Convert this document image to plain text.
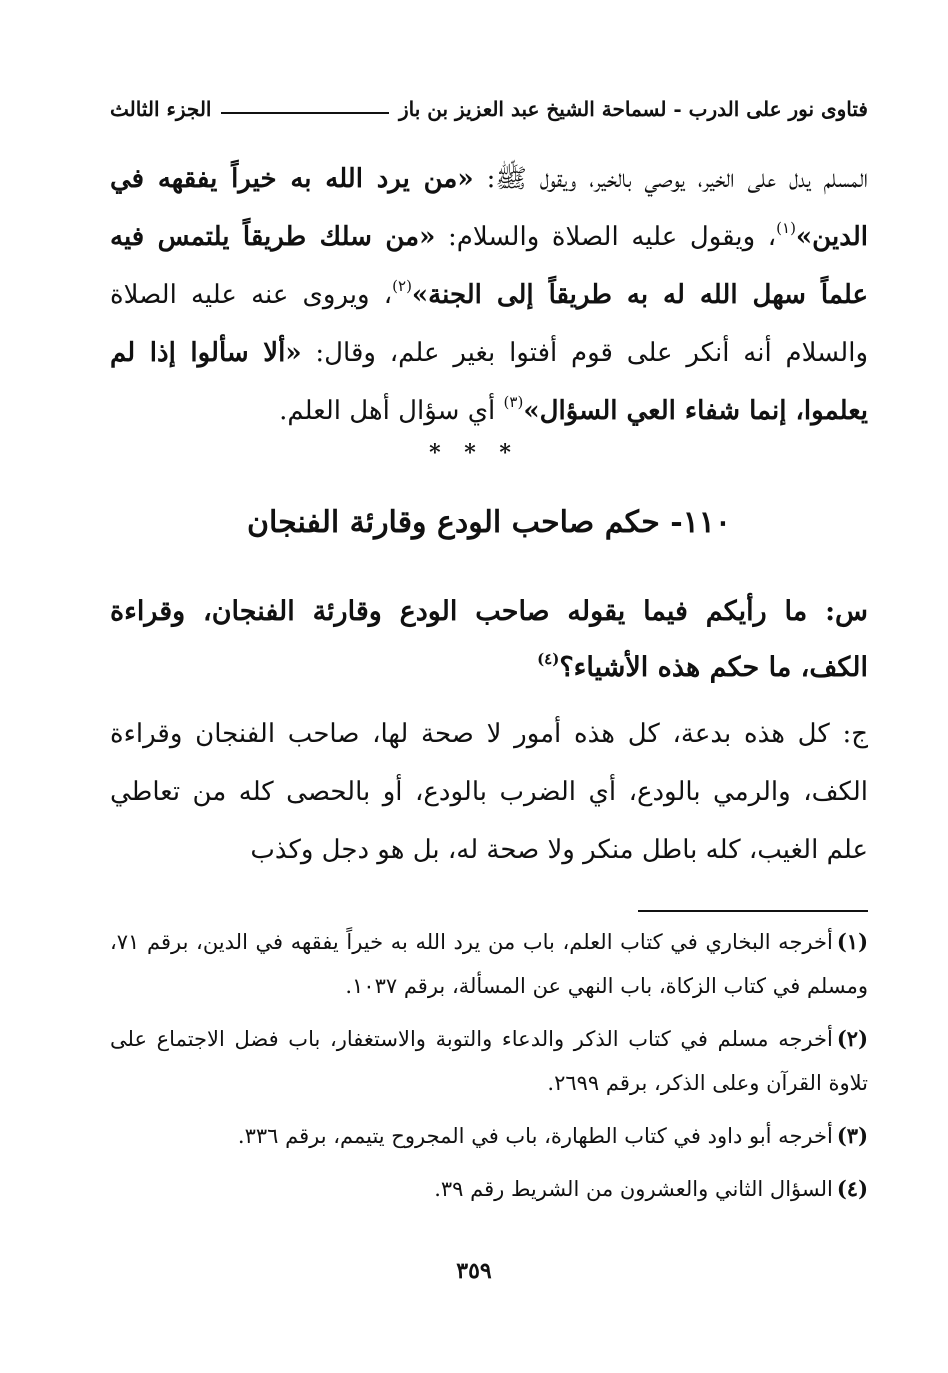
فتاوى نور على الدرب - لسماحة الشيخ عبد العزيز بن باز
الجزء الثالث

المسلم يدل على الخير، يوصي بالخير، ويقول ﷺ: «من يرد الله به خيراً يفقهه في الدين»$^{(١)}$، ويقول عليه الصلاة والسلام: «من سلك طريقاً يلتمس فيه علماً سهل الله له به طريقاً إلى الجنة»$^{(٢)}$، ويروى عنه عليه الصلاة والسلام أنه أنكر على قوم أفتوا بغير علم، وقال: «ألا سألوا إذا لم يعلموا، إنما شفاء العي السؤال»$^{(٣)}$ أي سؤال أهل العلم.

* * *
١١٠- حكم صاحب الودع وقارئة الفنجان

س: ما رأيكم فيما يقوله صاحب الودع وقارئة الفنجان، وقراءة الكف، ما حكم هذه الأشياء؟$^{(٤)}$

ج: كل هذه بدعة، كل هذه أمور لا صحة لها، صاحب الفنجان وقراءة الكف، والرمي بالودع، أي الضرب بالودع، أو بالحصى كله من تعاطي علم الغيب، كله باطل منكر ولا صحة له، بل هو دجل وكذب

(١)أخرجه البخاري في كتاب العلم، باب من يرد الله به خيراً يفقهه في الدين، برقم ٧١، ومسلم في كتاب الزكاة، باب النهي عن المسألة، برقم ١٠٣٧.
(٢)أخرجه مسلم في كتاب الذكر والدعاء والتوبة والاستغفار، باب فضل الاجتماع على تلاوة القرآن وعلى الذكر، برقم ٢٦٩٩.
(٣)أخرجه أبو داود في كتاب الطهارة، باب في المجروح يتيمم، برقم ٣٣٦.
(٤)السؤال الثاني والعشرون من الشريط رقم ٣٩.
٣٥٩
